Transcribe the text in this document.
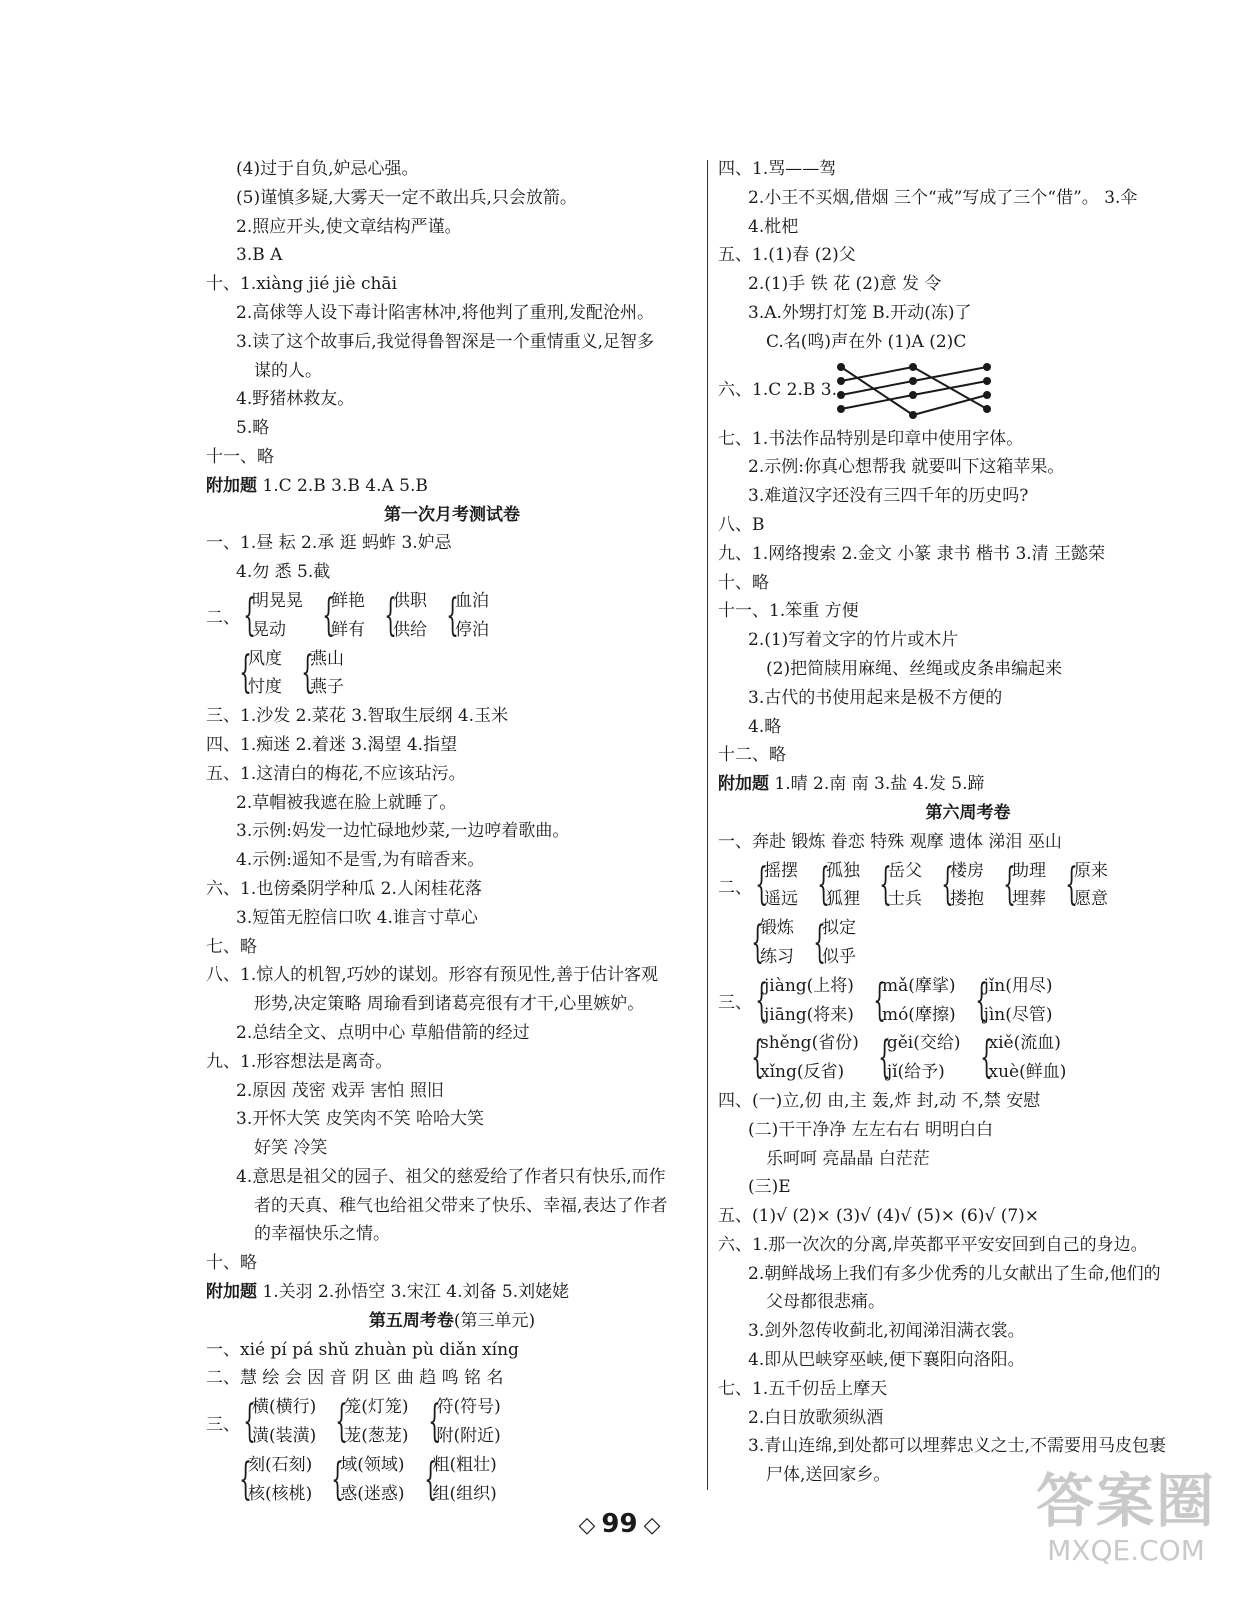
(4)过于自负,妒忌心强。
(5)谨慎多疑,大雾天一定不敢出兵,只会放箭。
2.照应开头,使文章结构严谨。
3.B A
十、1.xiàng jié jiè chāi
2.高俅等人设下毒计陷害林冲,将他判了重刑,发配沧州。
3.读了这个故事后,我觉得鲁智深是一个重情重义,足智多
谋的人。
4.野猪林救友。
5.略
十一、略
附加题 1.C 2.B 3.B 4.A 5.B
第一次月考测试卷
一、1.昼 耘 2.承 逛 蚂蚱 3.妒忌
4.勿 悉 5.截
二、 {
明晃晃
晃动 {
鲜艳
鲜有 {
供职
供给 {
血泊
停泊
{
风度
忖度 {
燕山
燕子
三、1.沙发 2.菜花 3.智取生辰纲 4.玉米
四、1.痴迷 2.着迷 3.渴望 4.指望
五、1.这清白的梅花,不应该玷污。
2.草帽被我遮在脸上就睡了。
3.示例:妈发一边忙碌地炒菜,一边哼着歌曲。
4.示例:遥知不是雪,为有暗香来。
六、1.也傍桑阴学种瓜 2.人闲桂花落
3.短笛无腔信口吹 4.谁言寸草心
七、略
八、1.惊人的机智,巧妙的谋划。形容有预见性,善于估计客观
形势,决定策略 周瑜看到诸葛亮很有才干,心里嫉妒。
2.总结全文、点明中心 草船借箭的经过
九、1.形容想法是离奇。
2.原因 茂密 戏弄 害怕 照旧
3.开怀大笑 皮笑肉不笑 哈哈大笑
好笑 冷笑
4.意思是祖父的园子、祖父的慈爱给了作者只有快乐,而作
者的天真、稚气也给祖父带来了快乐、幸福,表达了作者
的幸福快乐之情。
十、略
附加题 1.关羽 2.孙悟空 3.宋江 4.刘备 5.刘姥姥
第五周考卷(第三单元)
一、xié pí pá shǔ zhuàn pù diǎn xíng
二、慧 绘 会 因 音 阴 区 曲 趋 鸣 铭 名
三、 {
横(横行)
潢(装潢) {
笼(灯笼)
茏(葱茏) {
符(符号)
附(附近)
{
刻(石刻)
核(核桃) {
域(领域)
惑(迷惑) {
粗(粗壮)
组(组织)
四、1.骂——驾
2.小王不买烟,借烟 三个“戒”写成了三个“借”。 3.伞
4.枇杷
五、1.(1)春 (2)父
2.(1)手 铁 花 (2)意 发 令
3.A.外甥打灯笼 B.开动(冻)了
C.名(鸣)声在外 (1)A (2)C
六、1.C 2.B 3.
七、1.书法作品特别是印章中使用字体。
2.示例:你真心想帮我 就要叫下这箱苹果。
3.难道汉字还没有三四千年的历史吗?
八、B
九、1.网络搜索 2.金文 小篆 隶书 楷书 3.清 王懿荣
十、略
十一、1.笨重 方便
2.(1)写着文字的竹片或木片
(2)把简牍用麻绳、丝绳或皮条串编起来
3.古代的书使用起来是极不方便的
4.略
十二、略
附加题 1.晴 2.南 南 3.盐 4.发 5.蹄
第六周考卷
一、奔赴 锻炼 眷恋 特殊 观摩 遗体 涕泪 巫山
二、 {
摇摆
遥远 {
孤独
狐狸 {
岳父
士兵 {
楼房
搂抱 {
助理
埋葬 {
原来
愿意
{
锻炼
练习 {
拟定
似乎
三、 {
jiàng(上将)
jiāng(将来) {
mǎ(摩挲)
mó(摩擦) {
jǐn(用尽)
jìn(尽管)
{
shěng(省份)
xǐng(反省) {
gěi(交给)
jǐ(给予) {
xiě(流血)
xuè(鲜血)
四、(一)立,仞 由,主 轰,炸 封,动 不,禁 安慰
(二)干干净净 左左右右 明明白白
乐呵呵 亮晶晶 白茫茫
(三)E
五、(1)√ (2)× (3)√ (4)√ (5)× (6)√ (7)×
六、1.那一次次的分离,岸英都平平安安回到自己的身边。
2.朝鲜战场上我们有多少优秀的儿女献出了生命,他们的
父母都很悲痛。
3.剑外忽传收蓟北,初闻涕泪满衣裳。
4.即从巴峡穿巫峡,便下襄阳向洛阳。
七、1.五千仞岳上摩天
2.白日放歌须纵酒
3.青山连绵,到处都可以埋葬忠义之士,不需要用马皮包裹
尸体,送回家乡。
◇ 99 ◇	答案圈
MXQE.COM
